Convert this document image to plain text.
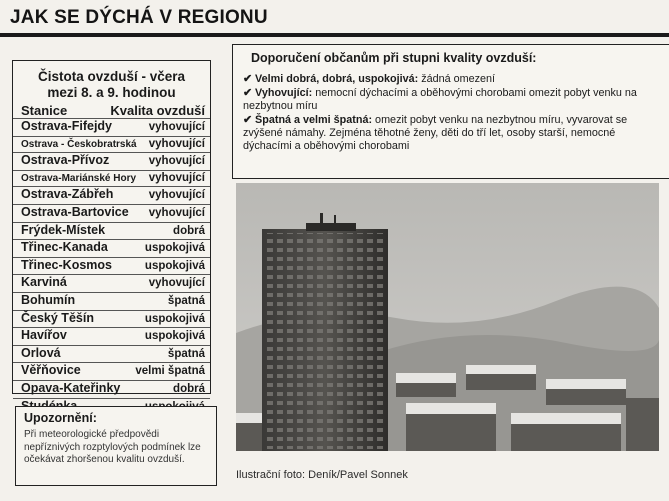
JAK SE DÝCHÁ V REGIONU
Čistota ovzduší - včera
mezi 8. a 9. hodinou
Stanice	Kvalita ovzduší
Ostrava-Fifejdy	vyhovující
Ostrava - Českobratrská vyhovující
Ostrava-Přívoz	vyhovující
Ostrava-Mariánské Hory vyhovující
Ostrava-Zábřeh	vyhovující
Ostrava-Bartovice vyhovující
Frýdek-Místek	dobrá
Třinec-Kanada	uspokojivá
Třinec-Kosmos	uspokojivá
Karviná	vyhovující
Bohumín	špatná
Český Těšín	uspokojivá
Havířov	uspokojivá
Orlová	špatná
Věřňovice	velmi špatná
Opava-Kateřinky	dobrá
Doporučení občanům při stupni kvality ovzduší:
✔ Velmi dobrá, dobrá, uspokojivá: žádná omezení
✔ Vyhovující: nemocní dýchacími a oběhovými chorobami omezit pobyt venku na nezbytnou míru
✔ Špatná a velmi špatná: omezit pobyt venku na nezbytnou míru, vyvarovat se zvýšené námahy. Zejména těhotné ženy, děti do tří let, osoby starší, nemocné dýchacími a oběhovými chorobami
Ilustrační foto: Deník/Pavel Sonnek
Upozornění:
Při meteorologické předpovědi nepříznivých rozptylových podmínek lze očekávat zhoršenou kvalitu ovzduší.
